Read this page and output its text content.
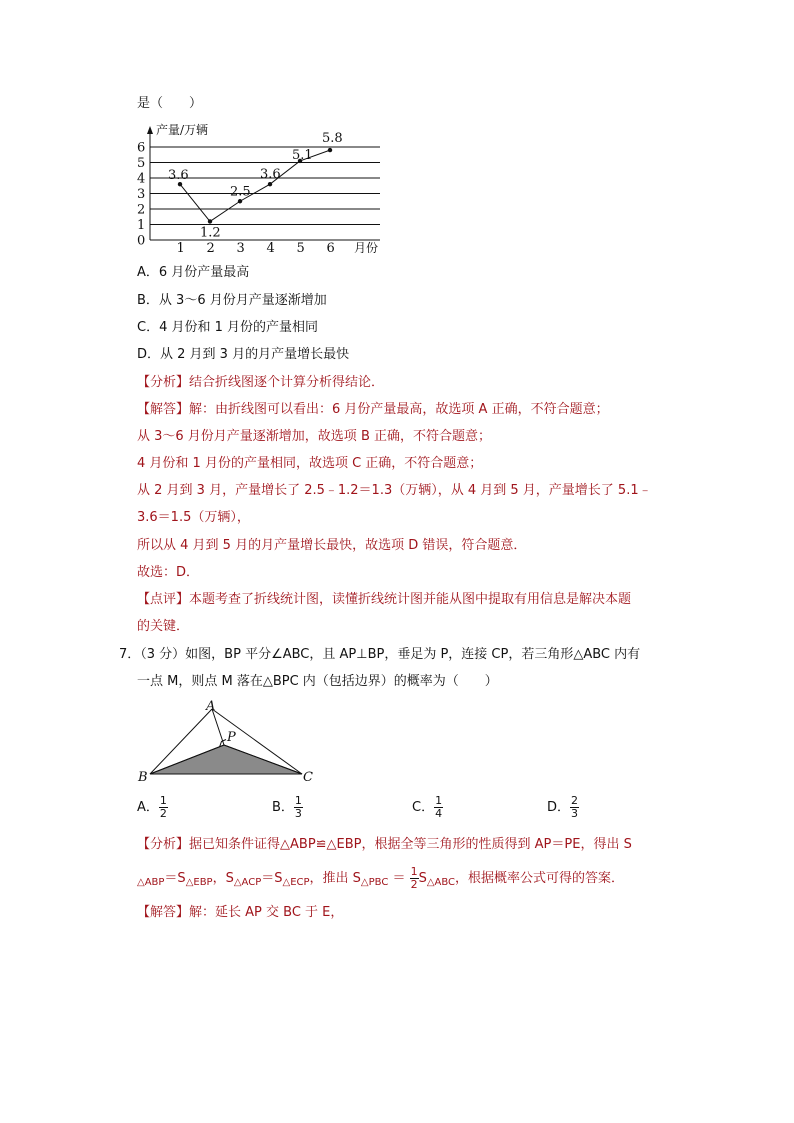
是（　　）
产量/万辆
月份
0
1
2
3
4
5
6
1 2 3 4 5 6
3.6
1.2
2.5
3.6
5.1
5.8
A．6 月份产量最高
B．从 3～6 月份月产量逐渐增加
C．4 月份和 1 月份的产量相同
D．从 2 月到 3 月的月产量增长最快
【分析】结合折线图逐个计算分析得结论．
【解答】解：由折线图可以看出：6 月份产量最高，故选项 A 正确，不符合题意；
从 3～6 月份月产量逐渐增加，故选项 B 正确，不符合题意；
4 月份和 1 月份的产量相同，故选项 C 正确，不符合题意；
从 2 月到 3 月，产量增长了 2.5﹣1.2＝1.3（万辆），从 4 月到 5 月，产量增长了 5.1﹣
3.6＝1.5（万辆），
所以从 4 月到 5 月的月产量增长最快，故选项 D 错误，符合题意．
故选：D．
【点评】本题考查了折线统计图，读懂折线统计图并能从图中提取有用信息是解决本题
的关键．
7．（3 分）如图，BP 平分∠ABC，且 AP⊥BP，垂足为 P，连接 CP，若三角形△ABC 内有
一点 M，则点 M 落在△BPC 内（包括边界）的概率为（　　）
A
P
B	C
A． $\frac{1}{2}$	B． $\frac{1}{3}$	C． $\frac{1}{4}$	D． $\frac{2}{3}$
【分析】据已知条件证得△ABP≌△EBP，根据全等三角形的性质得到 AP＝PE，得出 S
$_{\triangle ABP}=S_{\triangle EBP}$，$S_{\triangle ACP}=S_{\triangle ECP}$，推出 $S_{\triangle PBC} = \frac{1}{2} S_{\triangle ABC}$，根据概率公式可得的答案．
【解答】解：延长 AP 交 BC 于 E，
